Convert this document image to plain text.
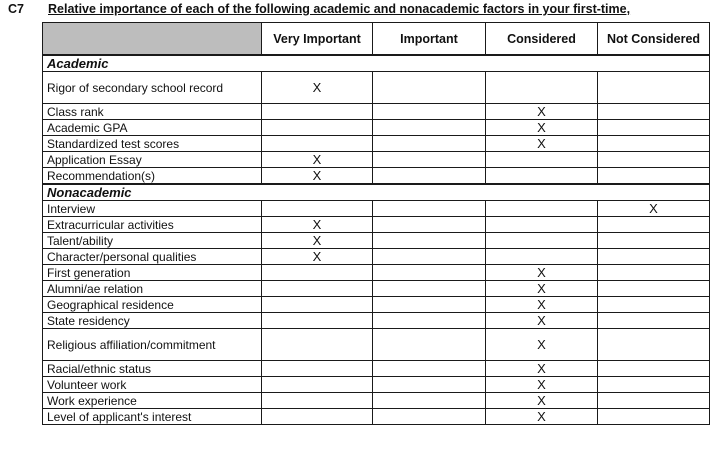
C7 Relative importance of each of the following academic and nonacademic factors in your first-time,
	Very Important	Important	Considered	Not Considered
Academic				
Rigor of secondary school record	X			
Class rank			X	
Academic GPA			X	
Standardized test scores			X	
Application Essay	X			
Recommendation(s)	X			
Nonacademic				
Interview				X
Extracurricular activities	X			
Talent/ability	X			
Character/personal qualities	X			
First generation			X	
Alumni/ae relation			X	
Geographical residence			X	
State residency			X	
Religious affiliation/commitment			X	
Racial/ethnic status			X	
Volunteer work			X	
Work experience			X	
Level of applicant's interest			X	
